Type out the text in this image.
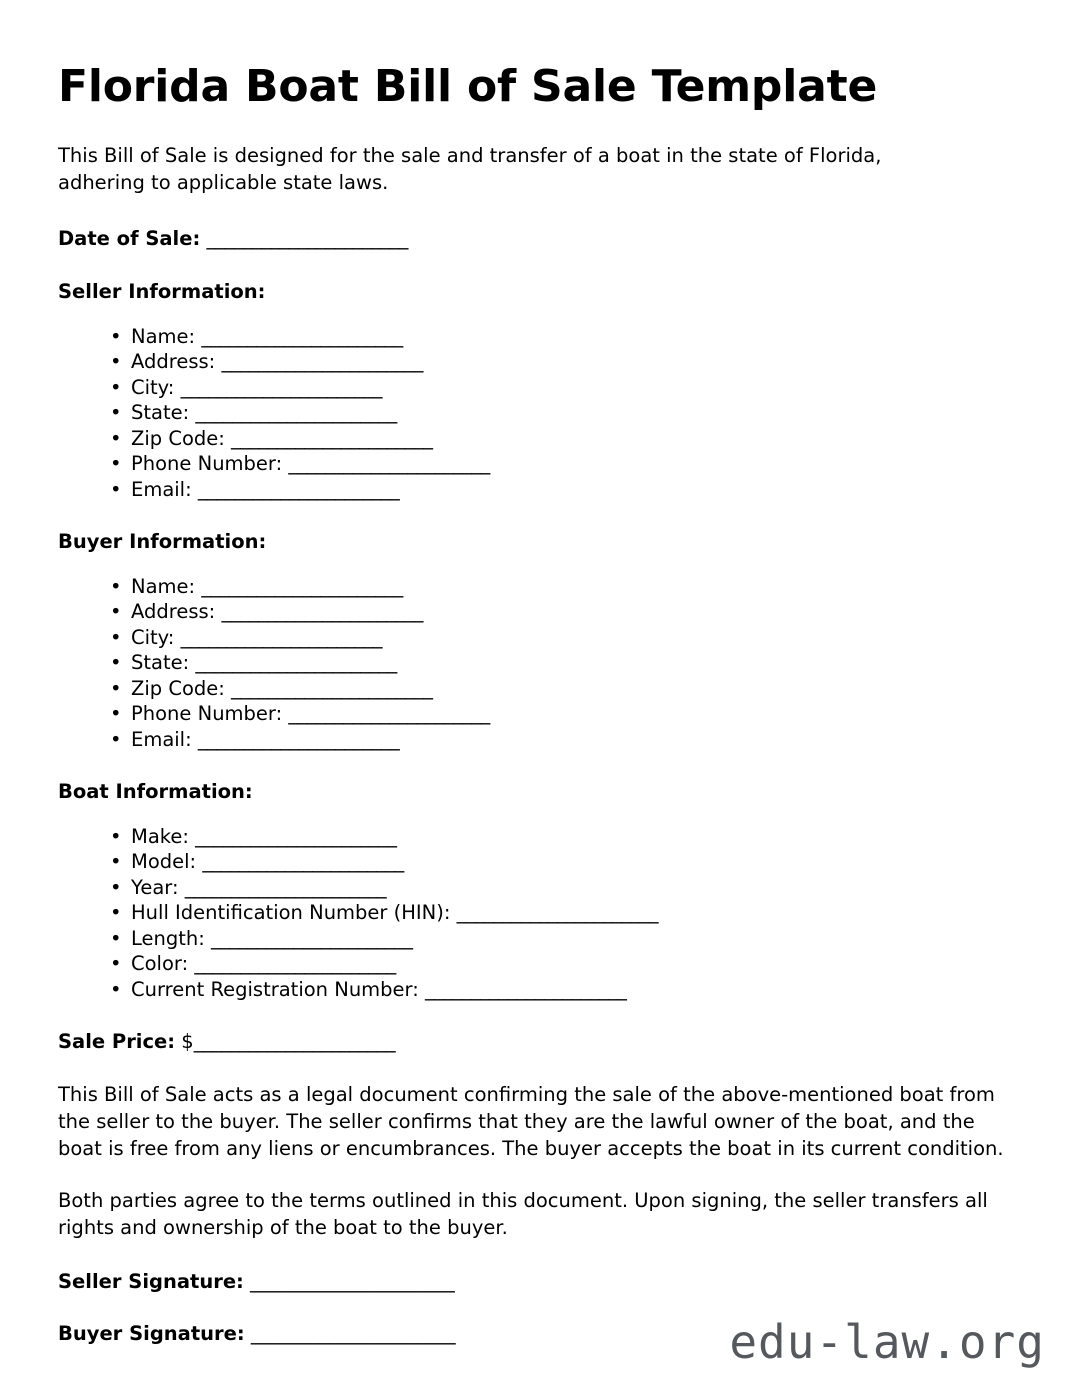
Florida Boat Bill of Sale Template

This Bill of Sale is designed for the sale and transfer of a boat in the state of Florida, adhering to applicable state laws.

Date of Sale: ______________________

Seller Information:
• Name: ______________________
• Address: ______________________
• City: ______________________
• State: ______________________
• Zip Code: ______________________
• Phone Number: ______________________
• Email: ______________________
Buyer Information:
• Name: ______________________
• Address: ______________________
• City: ______________________
• State: ______________________
• Zip Code: ______________________
• Phone Number: ______________________
• Email: ______________________
Boat Information:
• Make: ______________________
• Model: ______________________
• Year: ______________________
• Hull Identification Number (HIN): ______________________
• Length: ______________________
• Color: ______________________
• Current Registration Number: ______________________

Sale Price: $______________________

This Bill of Sale acts as a legal document confirming the sale of the above-mentioned boat from the seller to the buyer. The seller confirms that they are the lawful owner of the boat, and the boat is free from any liens or encumbrances. The buyer accepts the boat in its current condition.

Both parties agree to the terms outlined in this document. Upon signing, the seller transfers all rights and ownership of the boat to the buyer.

Seller Signature: _____________________

Buyer Signature: _____________________	edu-law.org
